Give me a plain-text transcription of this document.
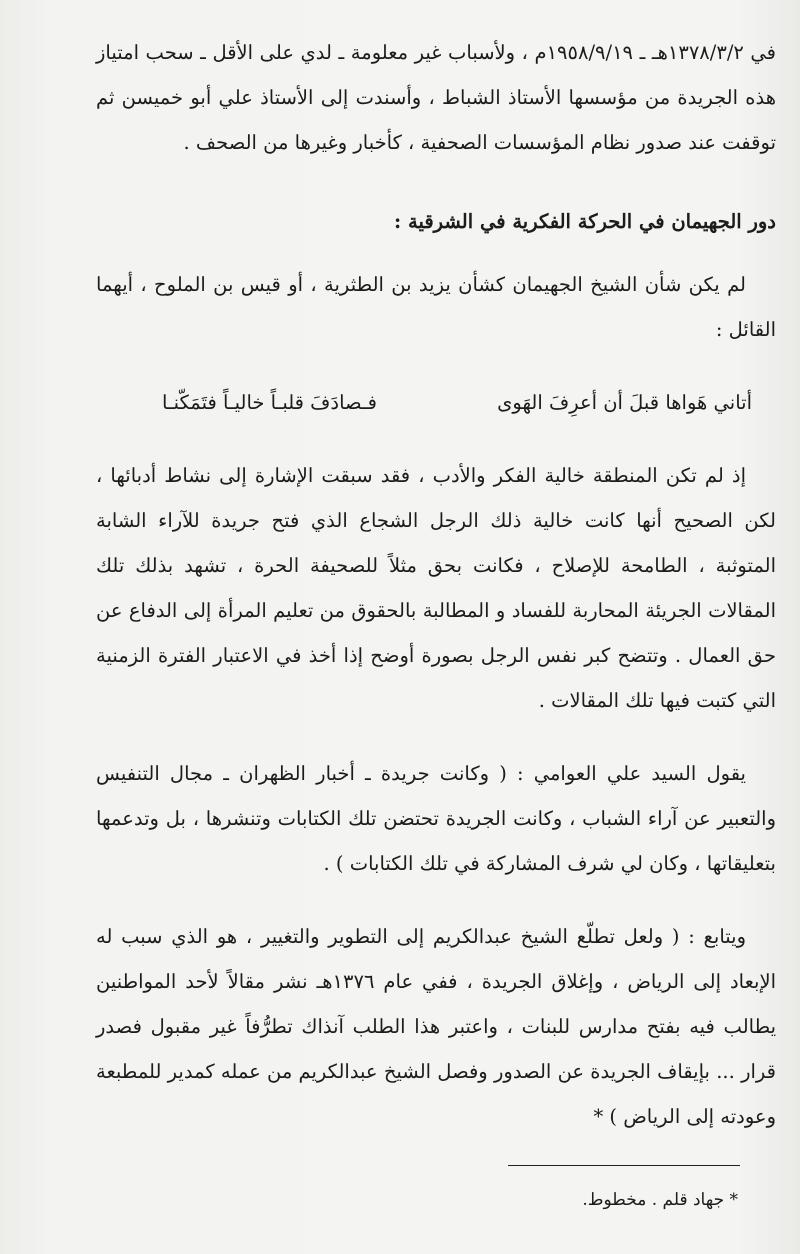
في ١٣٧٨/٣/٢هـ ـ ١٩٥٨/٩/١٩م ، ولأسباب غير معلومة ـ لدي على الأقل ـ سحب امتياز هذه الجريدة من مؤسسها الأستاذ الشباط ، وأسندت إلى الأستاذ علي أبو خميسن ثم توقفت عند صدور نظام المؤسسات الصحفية ، كأخبار وغيرها من الصحف .

دور الجهيمان في الحركة الفكرية في الشرقية :

لم يكن شأن الشيخ الجهيمان كشأن يزيد بن الطثرية ، أو قيس بن الملوح ، أيهما القائل :

أتاني هَواها قبلَ أن أعرِفَ الهَوى
فـصادَفَ قلبـاً خاليـاً فتَمَكّنـا

إذ لم تكن المنطقة خالية الفكر والأدب ، فقد سبقت الإشارة إلى نشاط أدبائها ، لكن الصحيح أنها كانت خالية ذلك الرجل الشجاع الذي فتح جريدة للآراء الشابة المتوثبة ، الطامحة للإصلاح ، فكانت بحق مثلاً للصحيفة الحرة ، تشهد بذلك تلك المقالات الجريئة المحاربة للفساد و المطالبة بالحقوق من تعليم المرأة إلى الدفاع عن حق العمال . وتتضح كبر نفس الرجل بصورة أوضح إذا أخذ في الاعتبار الفترة الزمنية التي كتبت فيها تلك المقالات .

يقول السيد علي العوامي : ( وكانت جريدة ـ أخبار الظهران ـ مجال التنفيس والتعبير عن آراء الشباب ، وكانت الجريدة تحتضن تلك الكتابات وتنشرها ، بل وتدعمها بتعليقاتها ، وكان لي شرف المشاركة في تلك الكتابات ) .

ويتابع : ( ولعل تطلّع الشيخ عبدالكريم إلى التطوير والتغيير ، هو الذي سبب له الإبعاد إلى الرياض ، وإغلاق الجريدة ، ففي عام ١٣٧٦هـ نشر مقالاً لأحد المواطنين يطالب فيه بفتح مدارس للبنات ، واعتبر هذا الطلب آنذاك تطرُّفاً غير مقبول فصدر قرار ... بإيقاف الجريدة عن الصدور وفصل الشيخ عبدالكريم من عمله كمدير للمطبعة وعودته إلى الرياض ) *

* جهاد قلم . مخطوط.
